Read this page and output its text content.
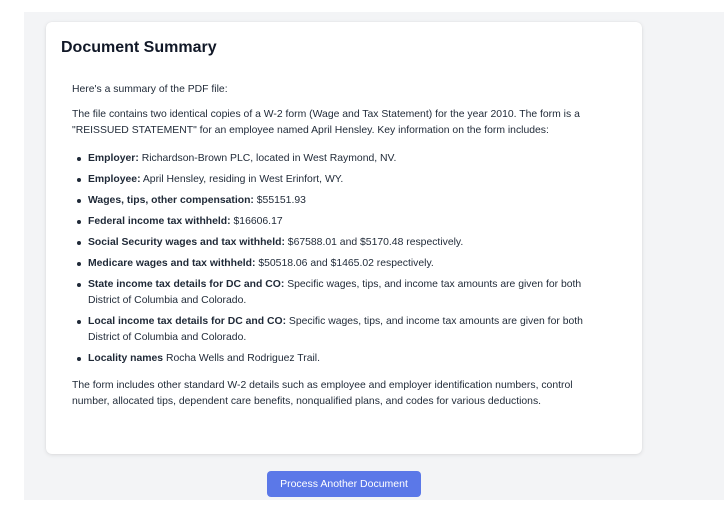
Document Summary

Here's a summary of the PDF file:

The file contains two identical copies of a W-2 form (Wage and Tax Statement) for the year 2010. The form is a "REISSUED STATEMENT" for an employee named April Hensley. Key information on the form includes:

Employer: Richardson-Brown PLC, located in West Raymond, NV.
Employee: April Hensley, residing in West Erinfort, WY.
Wages, tips, other compensation: $55151.93
Federal income tax withheld: $16606.17
Social Security wages and tax withheld: $67588.01 and $5170.48 respectively.
Medicare wages and tax withheld: $50518.06 and $1465.02 respectively.
State income tax details for DC and CO: Specific wages, tips, and income tax amounts are given for both District of Columbia and Colorado.
Local income tax details for DC and CO: Specific wages, tips, and income tax amounts are given for both District of Columbia and Colorado.
Locality names Rocha Wells and Rodriguez Trail.

The form includes other standard W-2 details such as employee and employer identification numbers, control number, allocated tips, dependent care benefits, nonqualified plans, and codes for various deductions.

Process Another Document
